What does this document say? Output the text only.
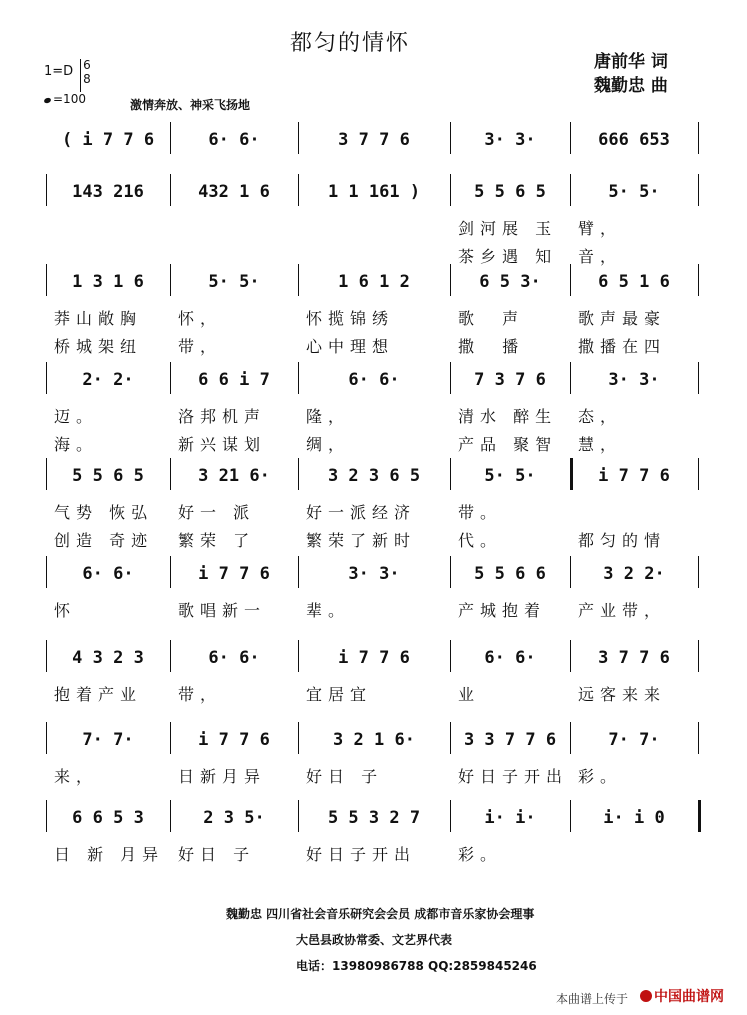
都匀的情怀
唐前华 词
魏勤忠 曲
1=D 6
8
=100	激情奔放、神采飞扬地
( i 7 7 6	6· 6·	3 7 7 6	3· 3·	666 653
143 216	432 1 6	1 1 161 )	5 5 6 5	5· 5·
1 3 1 6	5· 5·	1 6 1 2	6 5 3·	6 5 1 6
2· 2·	6 6 i 7	6· 6·	7 3 7 6	3· 3·
5 5 6 5	3 21 6·	3 2 3 6 5	5· 5·	i 7 7 6
6· 6·	i 7 7 6	3· 3·	5 5 6 6	3 2 2·
4 3 2 3	6· 6·	i 7 7 6	6· 6·	3 7 7 6
7· 7·	i 7 7 6	3 2 1 6·	3 3 7 7 6	7· 7·
6 6 5 3	2 3 5·	5 5 3 2 7	i· i·	i· i 0
魏勤忠 四川省社会音乐研究会会员 成都市音乐家协会理事
大邑县政协常委、文艺界代表
电话：13980986788 QQ:2859845246
本曲谱上传于	中国曲谱网
剑河展 玉 臂，
茶乡遇 知 音，
莽山敞胸 怀，	怀揽锦绣	歌  声	歌声最豪
桥城架纽 带，	心中理想	撒  播	撒播在四
迈。	洛邦机声 隆，	清水 醉生 态，
海。	新兴谋划 绸，	产品 聚智 慧，
气势 恢弘 好一 派	好一派经济	带。
创造 奇迹 繁荣 了	繁荣了新时	代。	都匀的情
怀	歌唱新一 辈。	产城抱着 产业带，
抱着产业 带，	宜居宜	业	远客来来
来，	日新月异 好日 子	好日子开出 彩。
日 新 月异 好日 子	好日子开出	彩。
